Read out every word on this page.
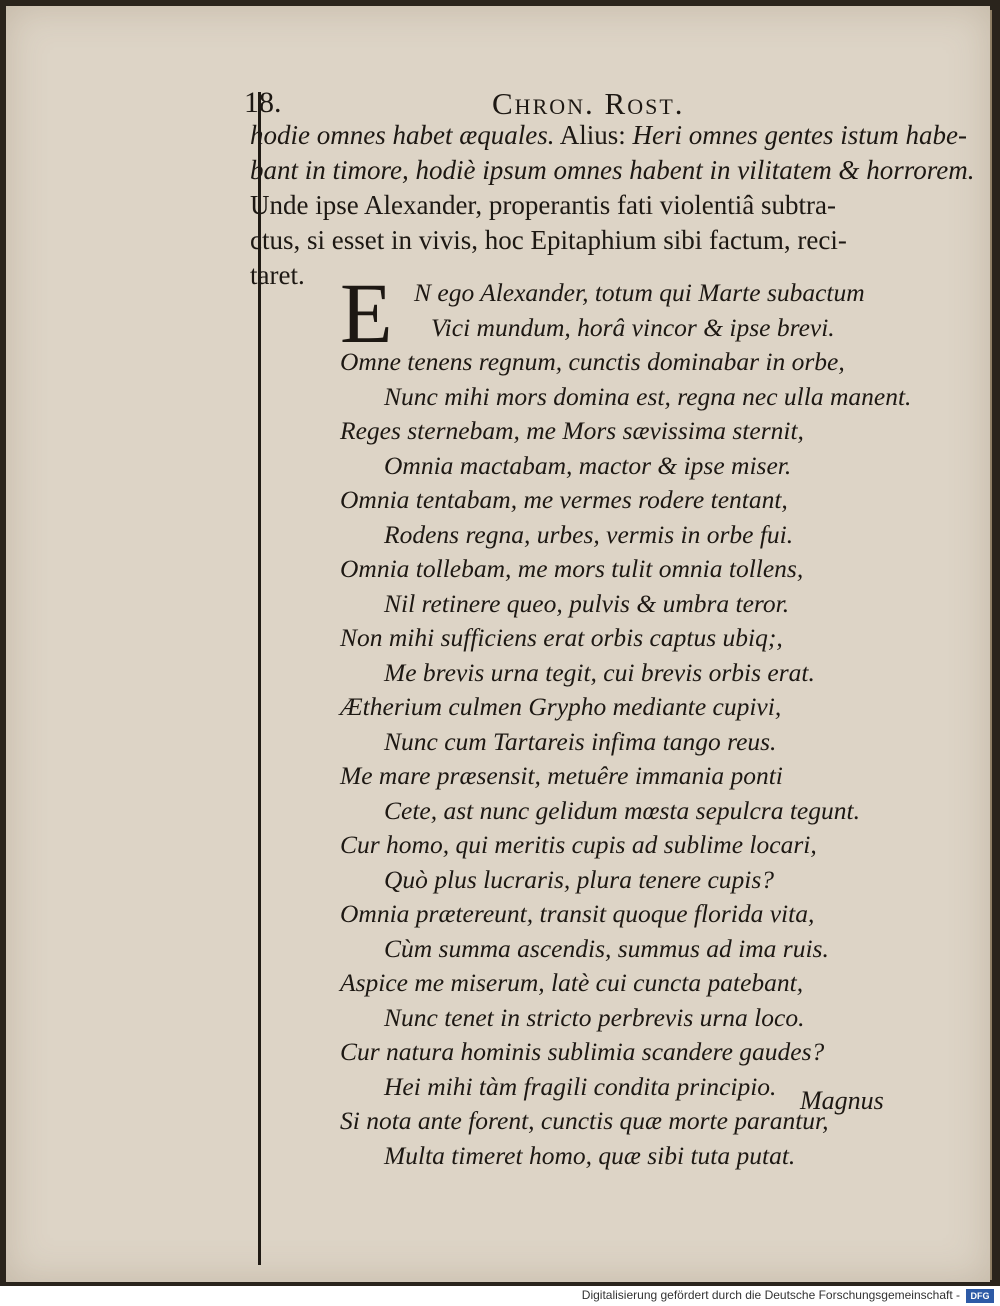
18.	Chron. Rost.
hodie omnes habet æquales. Alius: Heri omnes gentes istum habe-
bant in timore, hodiè ipsum omnes habent in vilitatem & horrorem.
Unde ipse Alexander, properantis fati violentiâ subtra-
ctus, si esset in vivis, hoc Epitaphium sibi factum, reci-
taret. E N ego Alexander, totum qui Marte subactum
Vici mundum, horâ vincor & ipse brevi.
Omne tenens regnum, cunctis dominabar in orbe,
Nunc mihi mors domina est, regna nec ulla manent.
Reges sternebam, me Mors sævissima sternit,
Omnia mactabam, mactor & ipse miser.
Omnia tentabam, me vermes rodere tentant,
Rodens regna, urbes, vermis in orbe fui.
Omnia tollebam, me mors tulit omnia tollens,
Nil retinere queo, pulvis & umbra teror.
Non mihi sufficiens erat orbis captus ubiq;,
Me brevis urna tegit, cui brevis orbis erat.
Ætherium culmen Grypho mediante cupivi,
Nunc cum Tartareis infima tango reus.
Me mare præsensit, metuêre immania ponti
Cete, ast nunc gelidum mœsta sepulcra tegunt.
Cur homo, qui meritis cupis ad sublime locari,
Quò plus lucraris, plura tenere cupis?
Omnia prætereunt, transit quoque florida vita,
Cùm summa ascendis, summus ad ima ruis.
Aspice me miserum, latè cui cuncta patebant,
Nunc tenet in stricto perbrevis urna loco.
Cur natura hominis sublimia scandere gaudes?
Hei mihi tàm fragili condita principio.
Si nota ante forent, cunctis quæ morte parantur,
Multa timeret homo, quæ sibi tuta putat.
Magnus
Digitalisierung gefördert durch die Deutsche Forschungsgemeinschaft -	DFG
